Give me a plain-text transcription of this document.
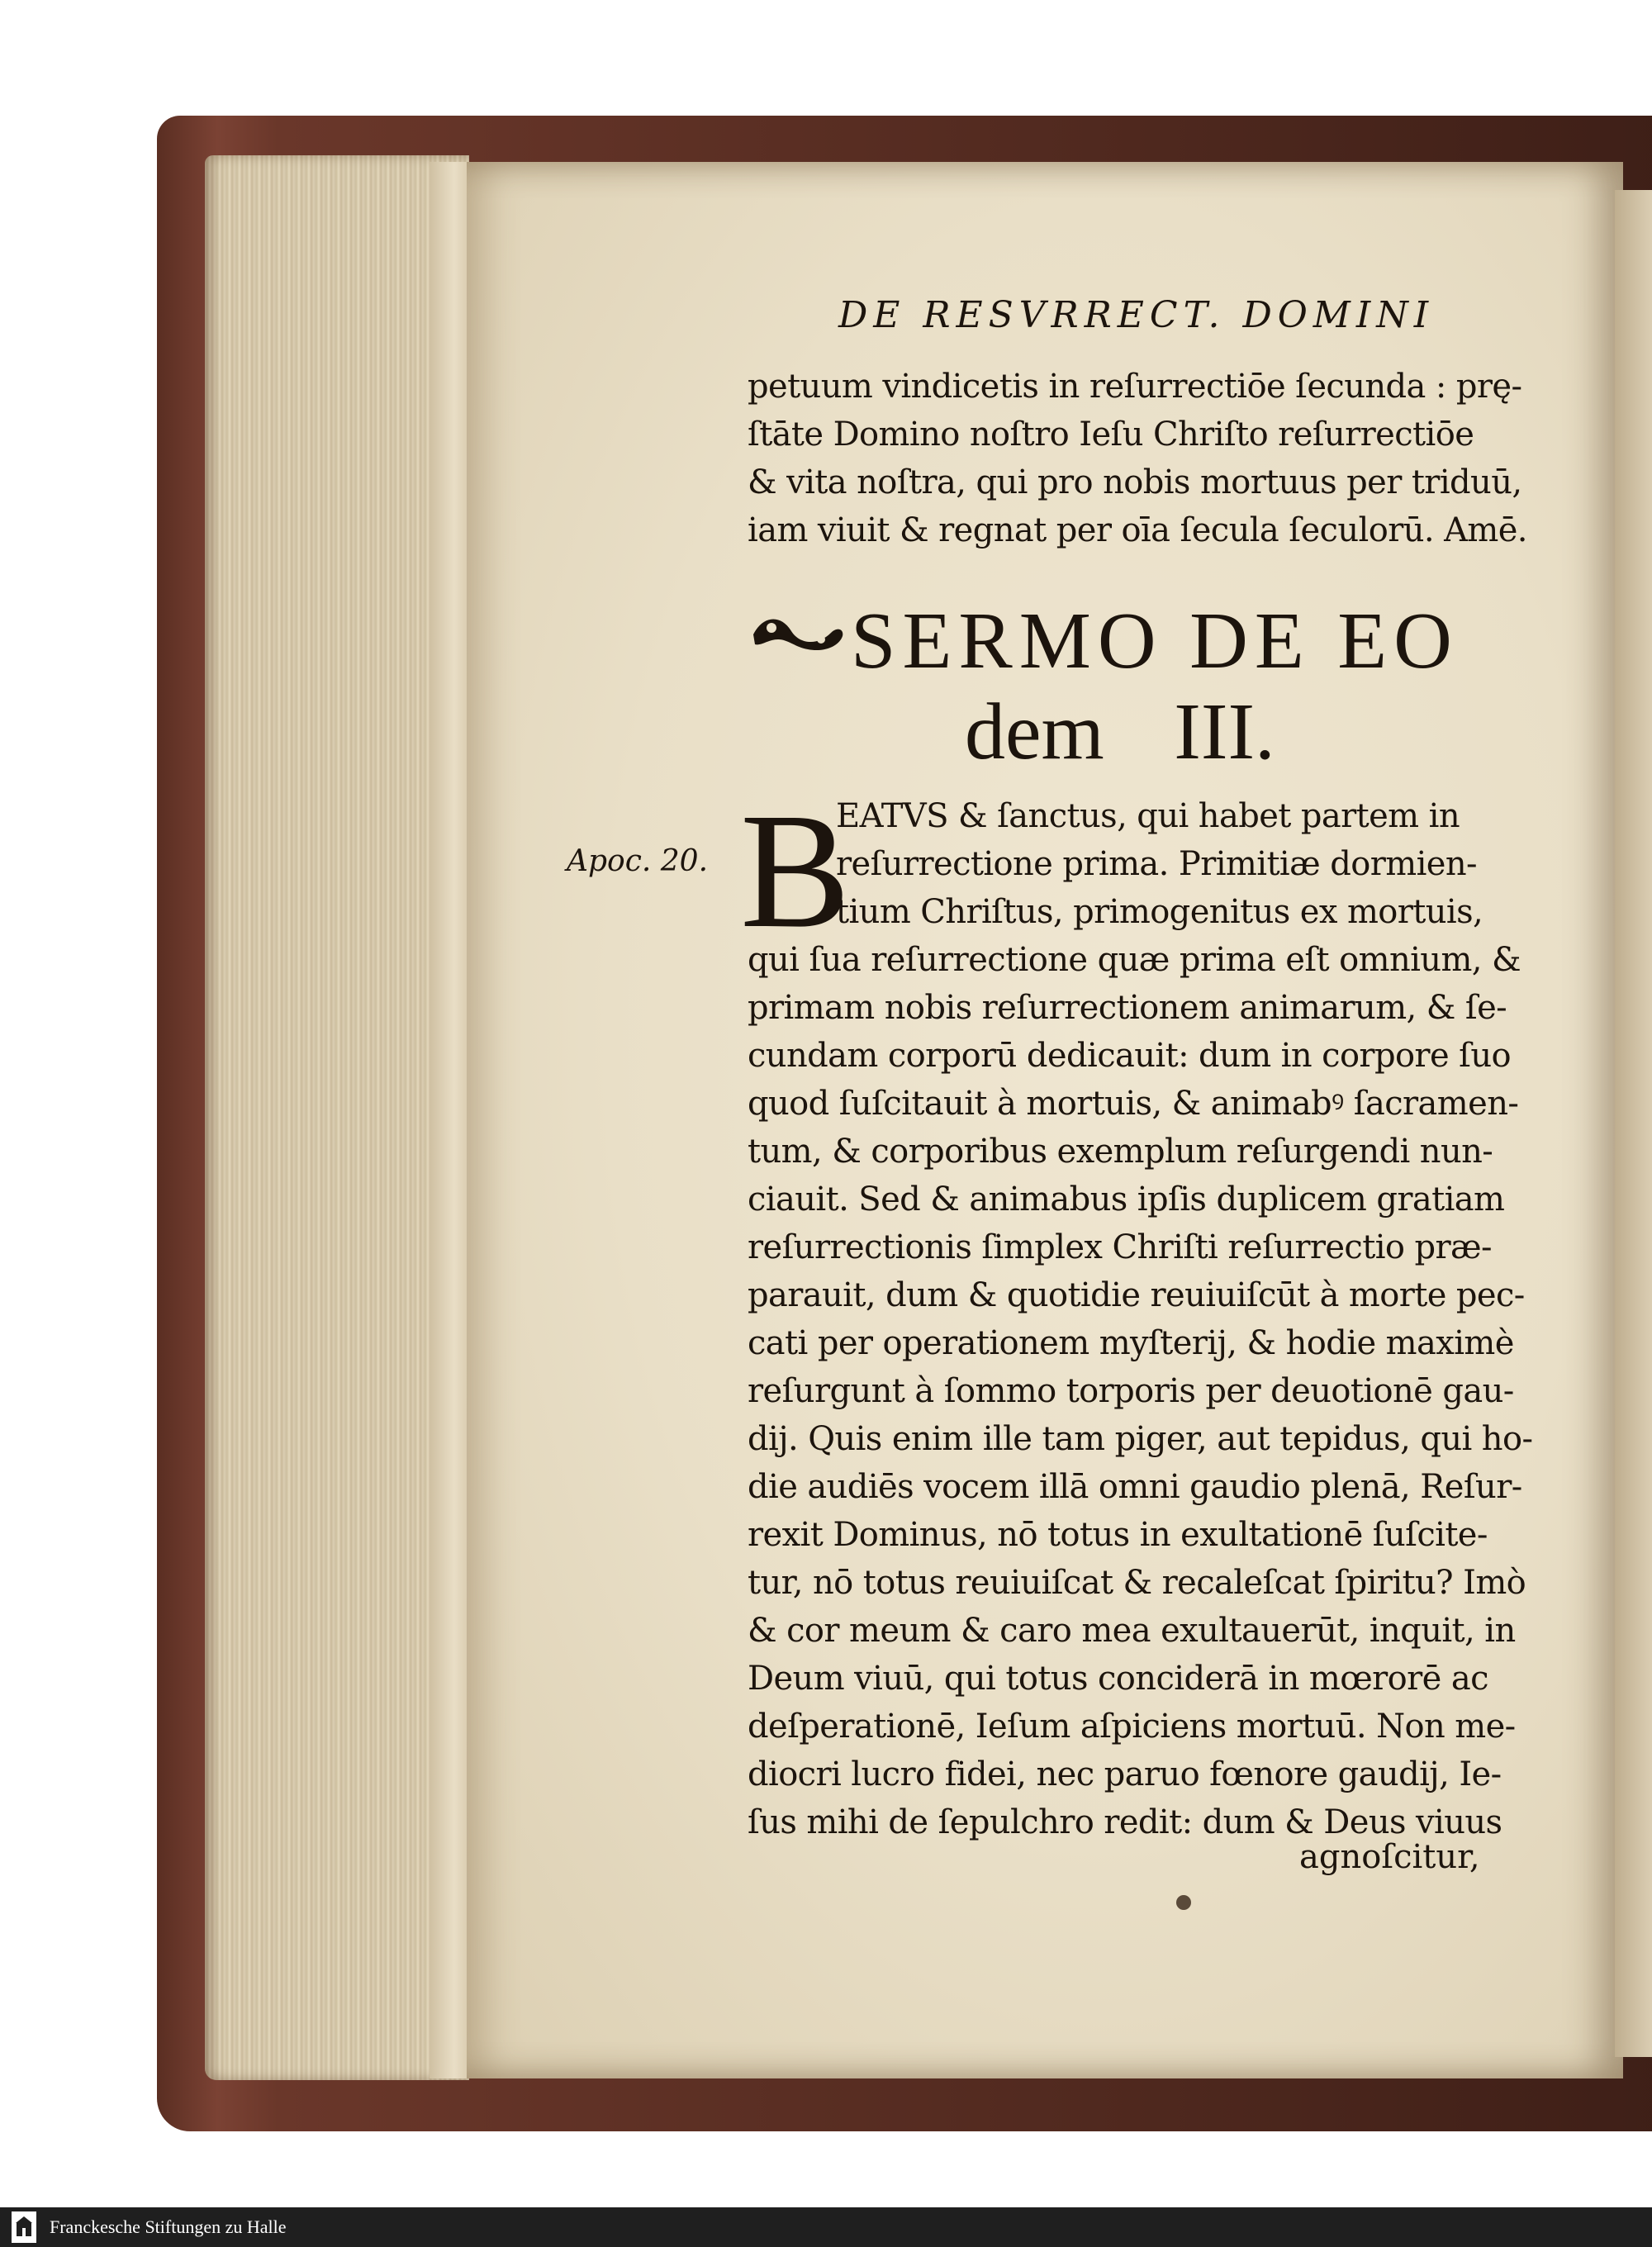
DE RESVRRECT. DOMINI
petuum vindicetis in reſurrectiōe ſecunda : prę-
ſtāte Domino noſtro Ieſu Chriſto reſurrectiōe
& vita noſtra, qui pro nobis mortuus per triduū,
iam viuit & regnat per oīa ſecula ſeculorū. Amē.
SERMO DE EO
dem III.
Apoc. 20. B
EATVS & ſanctus, qui habet partem in
reſurrectione prima. Primitiæ dormien-
tium Chriſtus, primogenitus ex mortuis,
qui ſua reſurrectione quæ prima eſt omnium, &
primam nobis reſurrectionem animarum, & ſe-
cundam corporū dedicauit: dum in corpore ſuo
quod ſuſcitauit à mortuis, & animabꝰ ſacramen-
tum, & corporibus exemplum reſurgendi nun-
ciauit. Sed & animabus ipſis duplicem gratiam
reſurrectionis ſimplex Chriſti reſurrectio præ-
parauit, dum & quotidie reuiuiſcūt à morte pec-
cati per operationem myſterij, & hodie maximè
reſurgunt à ſommo torporis per deuotionē gau-
dij. Quis enim ille tam piger, aut tepidus, qui ho-
die audiēs vocem illā omni gaudio plenā, Reſur-
rexit Dominus, nō totus in exultationē ſuſcite-
tur, nō totus reuiuiſcat & recaleſcat ſpiritu? Imò
& cor meum & caro mea exultauerūt, inquit, in
Deum viuū, qui totus conciderā in mœrorē ac
deſperationē, Ieſum aſpiciens mortuū. Non me-
diocri lucro fidei, nec paruo fœnore gaudij, Ie-
ſus mihi de ſepulchro redit: dum & Deus viuus
agnoſcitur,
Franckesche Stiftungen zu Halle
